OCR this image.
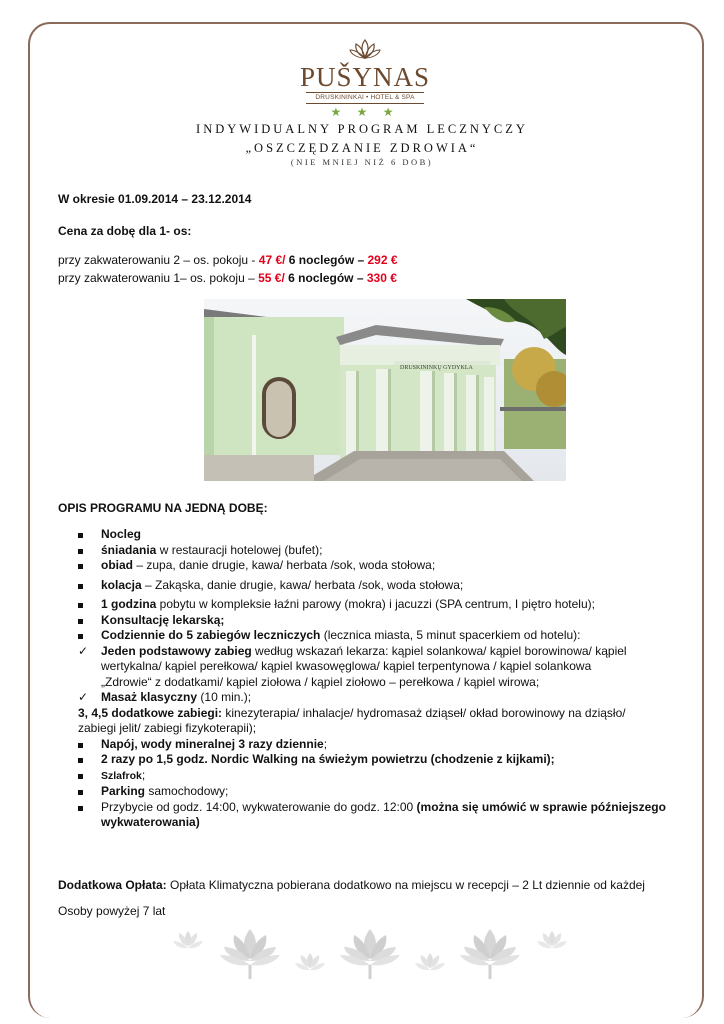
PUŠYNAS
DRUSKININKAI • HOTEL & SPA
★ ★ ★
INDYWIDUALNY PROGRAM LECZNYCZY
„OSZCZĘDZANIE ZDROWIA“
(NIE MNIEJ NIŻ 6 DOB)
W okresie 01.09.2014 – 23.12.2014
Cena za dobę dla 1- os:
przy zakwaterowaniu 2 – os. pokoju - 47 €/ 6 noclegów – 292 €
przy zakwaterowaniu 1– os. pokoju – 55 €/ 6 noclegów – 330 €
DRUSKININKŲ GYDYKLA
OPIS PROGRAMU NA JEDNĄ DOBĘ:
Nocleg
śniadania w restauracji hotelowej (bufet);
obiad – zupa, danie drugie, kawa/ herbata /sok, woda stołowa;
kolacja – Zakąska, danie drugie, kawa/ herbata /sok, woda stołowa;
1 godzina pobytu w kompleksie łaźni parowy (mokra) i jacuzzi (SPA centrum, I piętro hotelu);
Konsultację lekarską;
Codziennie do 5 zabiegów leczniczych (lecznica miasta, 5 minut spacerkiem od hotelu):
✓	Jeden podstawowy zabieg według wskazań lekarza: kąpiel solankowa/ kąpiel borowinowa/ kąpiel
wertykalna/ kąpiel perełkowa/ kąpiel kwasowęglowa/ kąpiel terpentynowa / kąpiel solankowa
„Zdrowie“ z dodatkami/ kąpiel ziołowa / kąpiel ziołowo – perełkowa / kąpiel wirowa;
✓	Masaż klasyczny (10 min.);
3, 4,5 dodatkowe zabiegi: kinezyterapia/ inhalacje/ hydromasaż dziąseł/ okład borowinowy na dziąsło/
zabiegi jelit/ zabiegi fizykoterapii);
Napój, wody mineralnej 3 razy dziennie;
2 razy po 1,5 godz. Nordic Walking na świeżym powietrzu (chodzenie z kijkami);
Szlafrok;
Parking samochodowy;
Przybycie od godz. 14:00, wykwaterowanie do godz. 12:00 (można się umówić w sprawie późniejszego
wykwaterowania)
Dodatkowa Opłata: Opłata Klimatyczna pobierana dodatkowo na miejscu w recepcji – 2 Lt dziennie od każdej
Osoby powyżej 7 lat
